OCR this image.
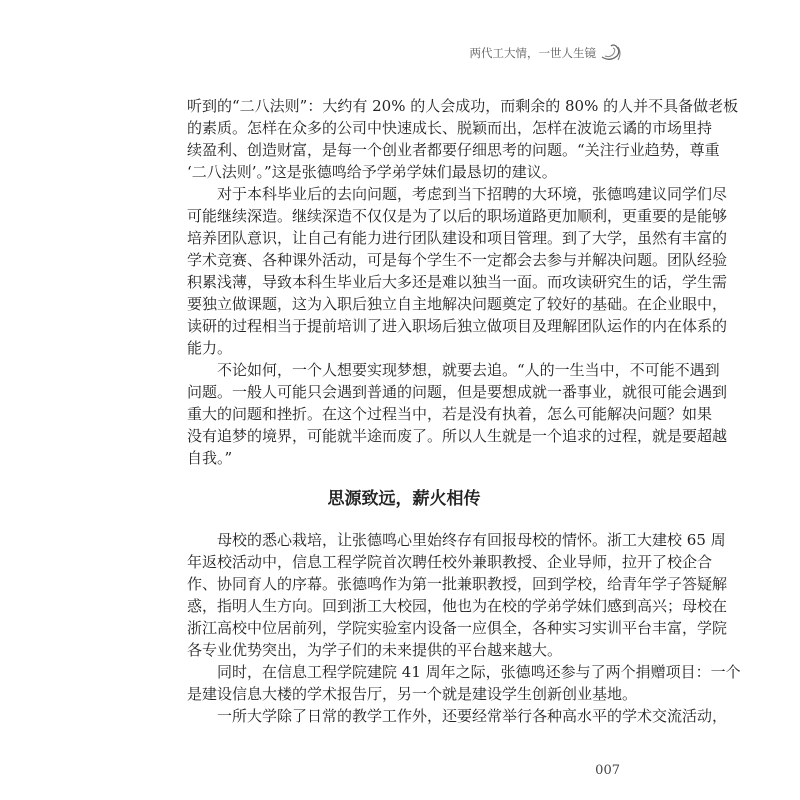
两代工大情，一世人生镜
听到的“二八法则”：大约有 20% 的人会成功，而剩余的 80% 的人并不具备做老板
的素质。怎样在众多的公司中快速成长、脱颖而出，怎样在波诡云谲的市场里持
续盈利、创造财富，是每一个创业者都要仔细思考的问题。“关注行业趋势，尊重
‘二八法则’。”这是张德鸣给予学弟学妹们最恳切的建议。
对于本科毕业后的去向问题，考虑到当下招聘的大环境，张德鸣建议同学们尽
可能继续深造。继续深造不仅仅是为了以后的职场道路更加顺利，更重要的是能够
培养团队意识，让自己有能力进行团队建设和项目管理。到了大学，虽然有丰富的
学术竞赛、各种课外活动，可是每个学生不一定都会去参与并解决问题。团队经验
积累浅薄，导致本科生毕业后大多还是难以独当一面。而攻读研究生的话，学生需
要独立做课题，这为入职后独立自主地解决问题奠定了较好的基础。在企业眼中，
读研的过程相当于提前培训了进入职场后独立做项目及理解团队运作的内在体系的
能力。
不论如何，一个人想要实现梦想，就要去追。“人的一生当中，不可能不遇到
问题。一般人可能只会遇到普通的问题，但是要想成就一番事业，就很可能会遇到
重大的问题和挫折。在这个过程当中，若是没有执着，怎么可能解决问题？如果
没有追梦的境界，可能就半途而废了。所以人生就是一个追求的过程，就是要超越
自我。”
思源致远，薪火相传
母校的悉心栽培，让张德鸣心里始终存有回报母校的情怀。浙工大建校 65 周
年返校活动中，信息工程学院首次聘任校外兼职教授、企业导师，拉开了校企合
作、协同育人的序幕。张德鸣作为第一批兼职教授，回到学校，给青年学子答疑解
惑，指明人生方向。回到浙工大校园，他也为在校的学弟学妹们感到高兴；母校在
浙江高校中位居前列，学院实验室内设备一应俱全，各种实习实训平台丰富，学院
各专业优势突出，为学子们的未来提供的平台越来越大。
同时，在信息工程学院建院 41 周年之际，张德鸣还参与了两个捐赠项目：一个
是建设信息大楼的学术报告厅，另一个就是建设学生创新创业基地。
一所大学除了日常的教学工作外，还要经常举行各种高水平的学术交流活动，
007
